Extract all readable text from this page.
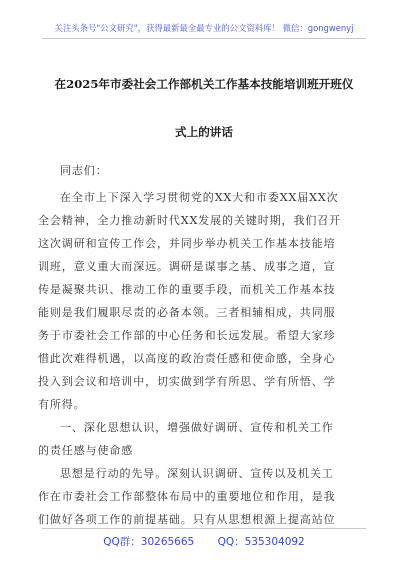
关注头条号"公文研究"，获得最新最全最专业的公文资料库！ 微信：gongwenyj
在2025年市委社会工作部机关工作基本技能培训班开班仪
式上的讲话
同志们：
在全市上下深入学习贯彻党的XX大和市委XX届XX次
全会精神，全力推动新时代XX发展的关键时期，我们召开
这次调研和宣传工作会，并同步举办机关工作基本技能培
训班，意义重大而深远。调研是谋事之基、成事之道，宣
传是凝聚共识、推动工作的重要手段，而机关工作基本技
能则是我们履职尽责的必备本领。三者相辅相成，共同服
务于市委社会工作部的中心任务和长远发展。希望大家珍
惜此次难得机遇，以高度的政治责任感和使命感，全身心
投入到会议和培训中，切实做到学有所思、学有所悟、学
有所得。
一、深化思想认识，增强做好调研、宣传和机关工作
的责任感与使命感
思想是行动的先导。深刻认识调研、宣传以及机关工
作在市委社会工作部整体布局中的重要地位和作用，是我
们做好各项工作的前提基础。只有从思想根源上提高站位
QQ群：30265665 QQ：535304092
